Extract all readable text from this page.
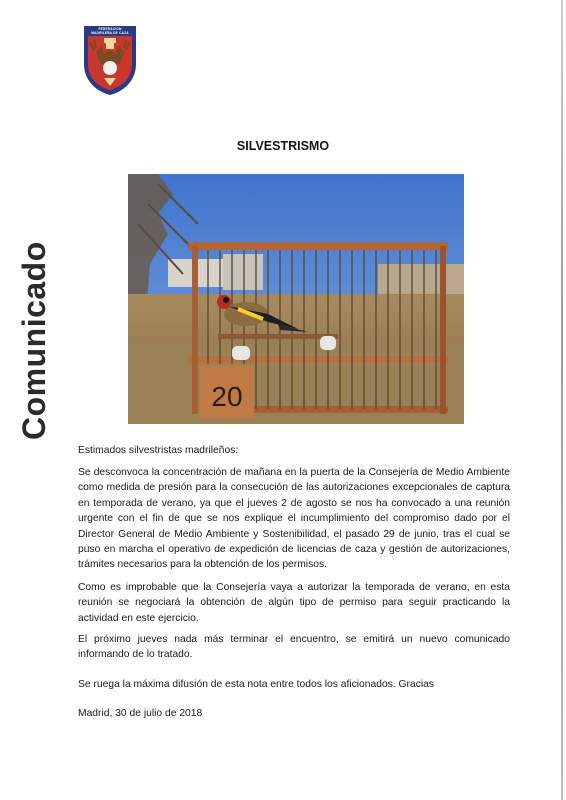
FEDERACION
MADRILEÑA DE CAZA
Comunicado
SILVESTRISMO
20
Estimados silvestristas madrileños:
Se desconvoca la concentración de mañana en la puerta de la Consejería de Medio Ambiente como medida de presión para la consecución de las autorizaciones excepcionales de captura en temporada de verano, ya que el jueves 2 de agosto se nos ha convocado a una reunión urgente con el fin de que se nos explique el incumplimiento del compromiso dado por el Director General de Medio Ambiente y Sostenibilidad, el pasado 29 de junio, tras el cual se puso en marcha el operativo de expedición de licencias de caza y gestión de autorizaciones, trámites necesarios para la obtención de los permisos.
Como es improbable que la Consejería vaya a autorizar la temporada de verano, en esta reunión se negociará la obtención de algún tipo de permiso para seguir practicando la actividad en este ejercicio.
El próximo jueves nada más terminar el encuentro, se emitirá un nuevo comunicado informando de lo tratado.
Se ruega la máxima difusión de esta nota entre todos los aficionados. Gracias
Madrid, 30 de julio de 2018
